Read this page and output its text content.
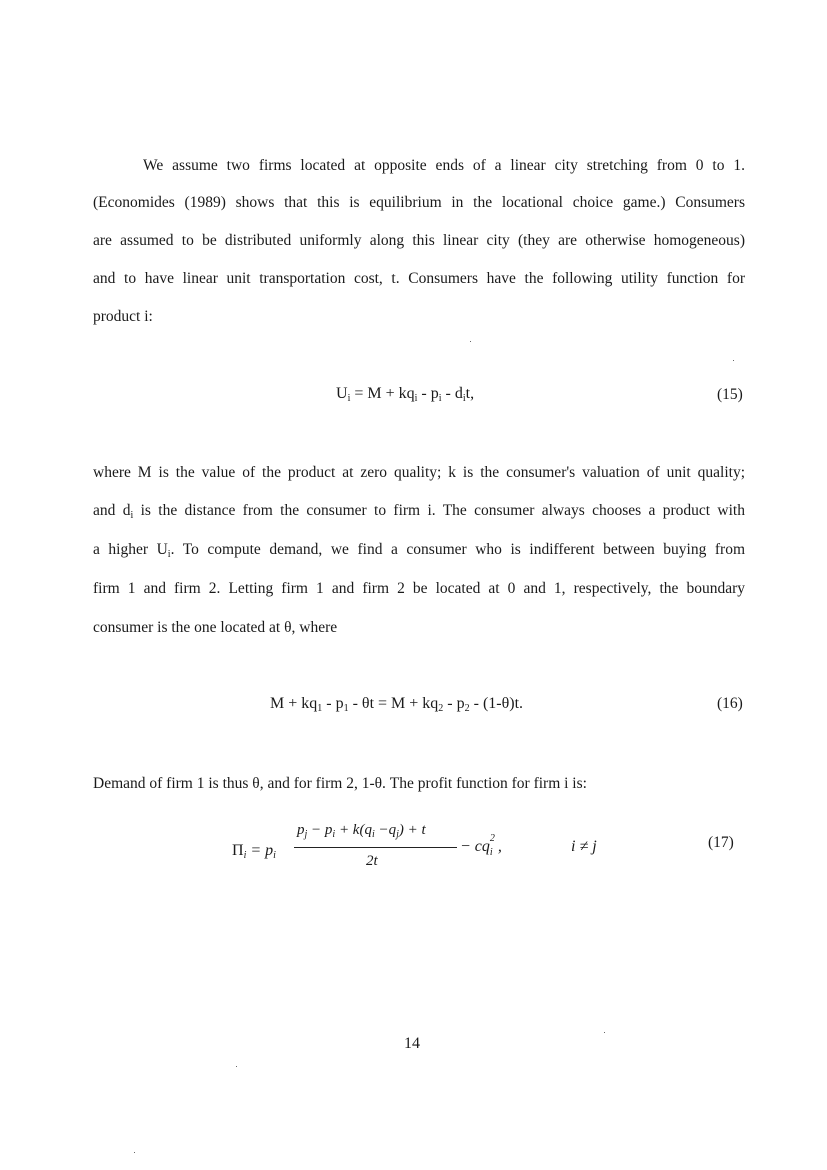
We assume two firms located at opposite ends of a linear city stretching from 0 to 1.
(Economides (1989) shows that this is equilibrium in the locational choice game.) Consumers
are assumed to be distributed uniformly along this linear city (they are otherwise homogeneous)
and to have linear unit transportation cost, t. Consumers have the following utility function for
product i:
$U_i = M + kq_i - p_i - d_it$,	(15)
where M is the value of the product at zero quality; k is the consumer's valuation of unit quality;
and $d_i$ is the distance from the consumer to firm i. The consumer always chooses a product with
a higher $U_i$. To compute demand, we find a consumer who is indifferent between buying from
firm 1 and firm 2. Letting firm 1 and firm 2 be located at 0 and 1, respectively, the boundary
consumer is the one located at θ, where
$M + kq_1 - p_1 - \theta t = M + kq_2 - p_2 - (1-\theta)t$.	(16)
Demand of firm 1 is thus θ, and for firm 2, 1-θ. The profit function for firm i is:
$\Pi_i = p_i$
$p_j - p_i + k(q_i -q_j) + t$
2t
− cq 2
i ,	i ≠ j	(17)
14
